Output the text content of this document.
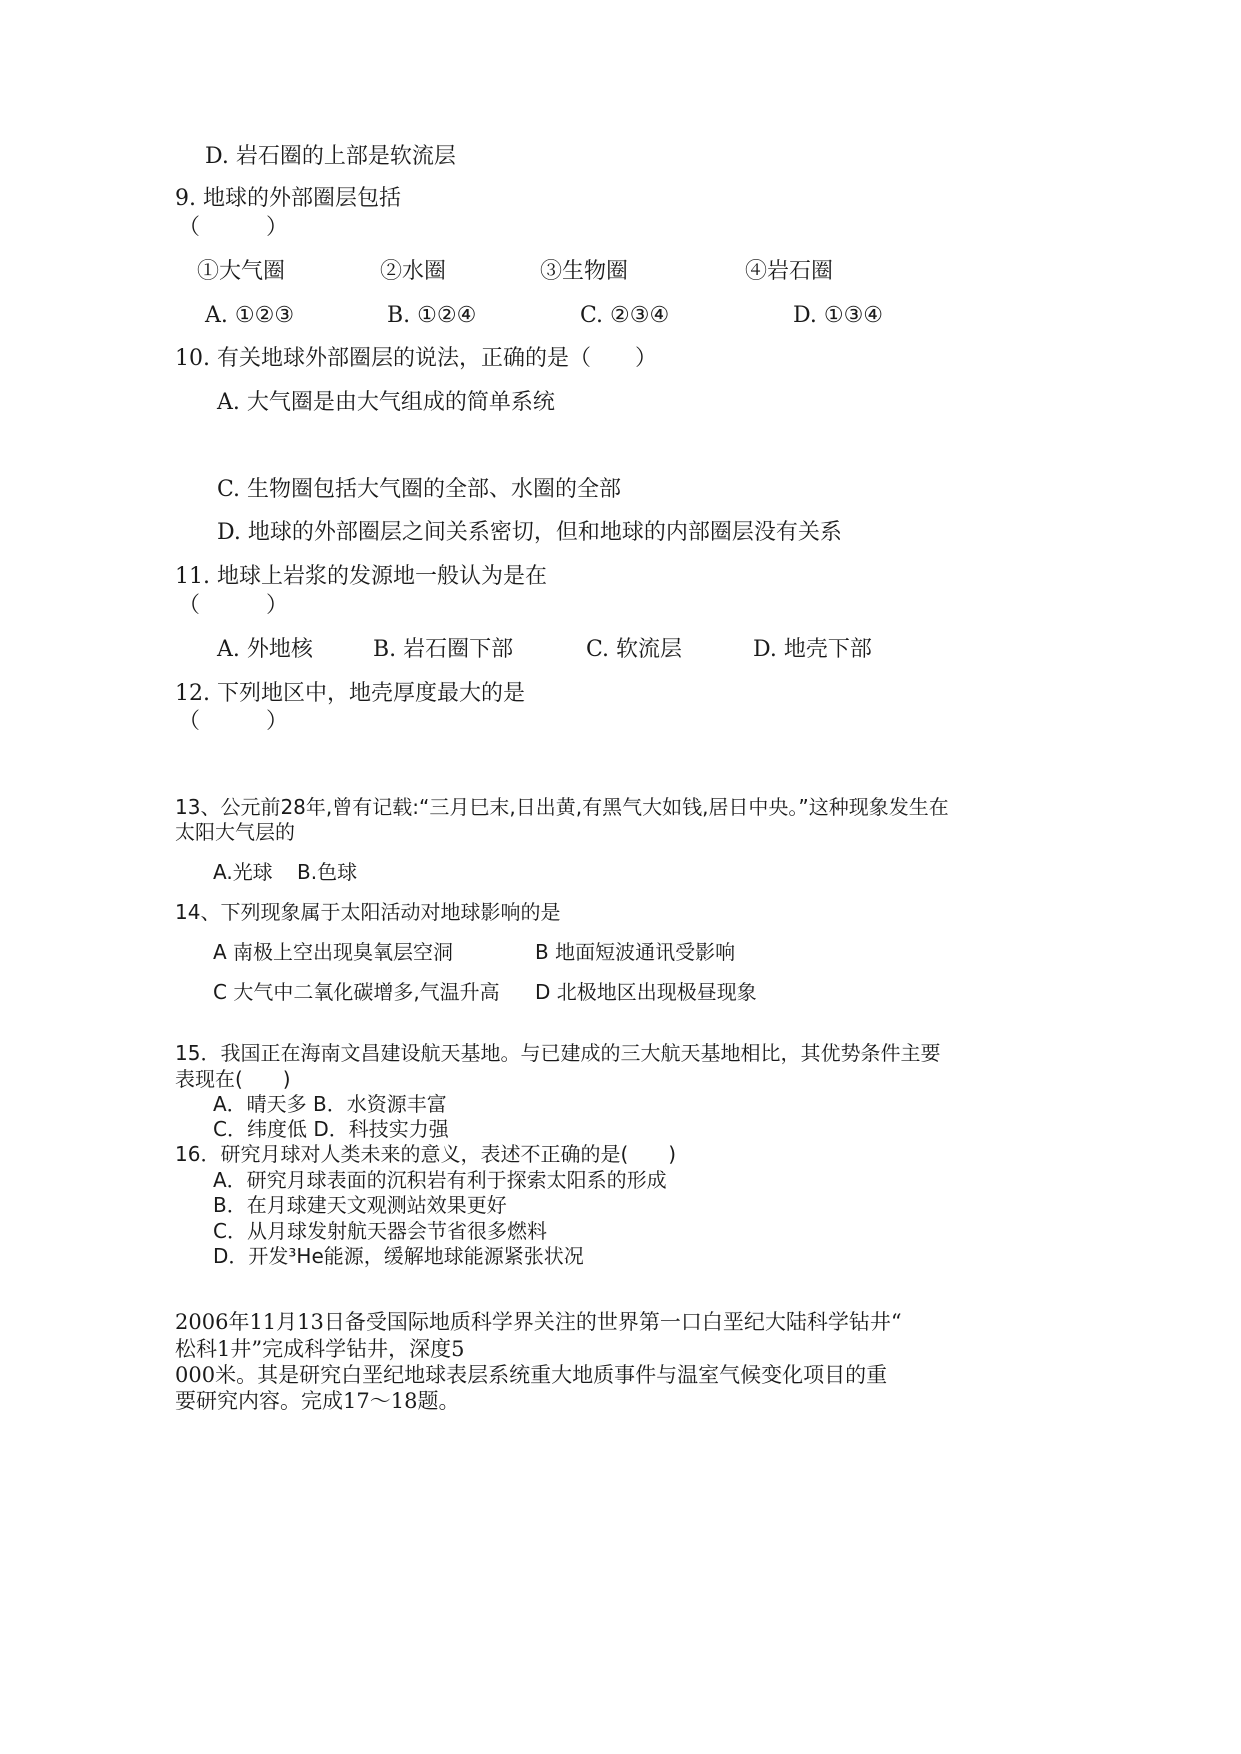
D. 岩石圈的上部是软流层
9. 地球的外部圈层包括
（　　　）
①大气圈	②水圈	③生物圈	④岩石圈
A. ①②③	B. ①②④	C. ②③④	D. ①③④
10. 有关地球外部圈层的说法，正确的是（　　）
A. 大气圈是由大气组成的简单系统
C. 生物圈包括大气圈的全部、水圈的全部
D. 地球的外部圈层之间关系密切，但和地球的内部圈层没有关系
11. 地球上岩浆的发源地一般认为是在
（　　　）
A. 外地核	B. 岩石圈下部	C. 软流层	D. 地壳下部
12. 下列地区中，地壳厚度最大的是
（　　　）
13、公元前28年,曾有记载:“三月巳末,日出黄,有黑气大如钱,居日中央。”这种现象发生在
太阳大气层的
A.光球 B.色球
14、下列现象属于太阳活动对地球影响的是
A 南极上空出现臭氧层空洞	B 地面短波通讯受影响
C 大气中二氧化碳增多,气温升高 D 北极地区出现极昼现象
15．我国正在海南文昌建设航天基地。与已建成的三大航天基地相比，其优势条件主要
表现在(　　)
A．晴天多 B．水资源丰富
C．纬度低 D．科技实力强
16．研究月球对人类未来的意义，表述不正确的是(　　)
A．研究月球表面的沉积岩有利于探索太阳系的形成
B．在月球建天文观测站效果更好
C．从月球发射航天器会节省很多燃料
D．开发³He能源，缓解地球能源紧张状况
2006年11月13日备受国际地质科学界关注的世界第一口白垩纪大陆科学钻井“
松科1井”完成科学钻井，深度5
000米。其是研究白垩纪地球表层系统重大地质事件与温室气候变化项目的重
要研究内容。完成17～18题。
